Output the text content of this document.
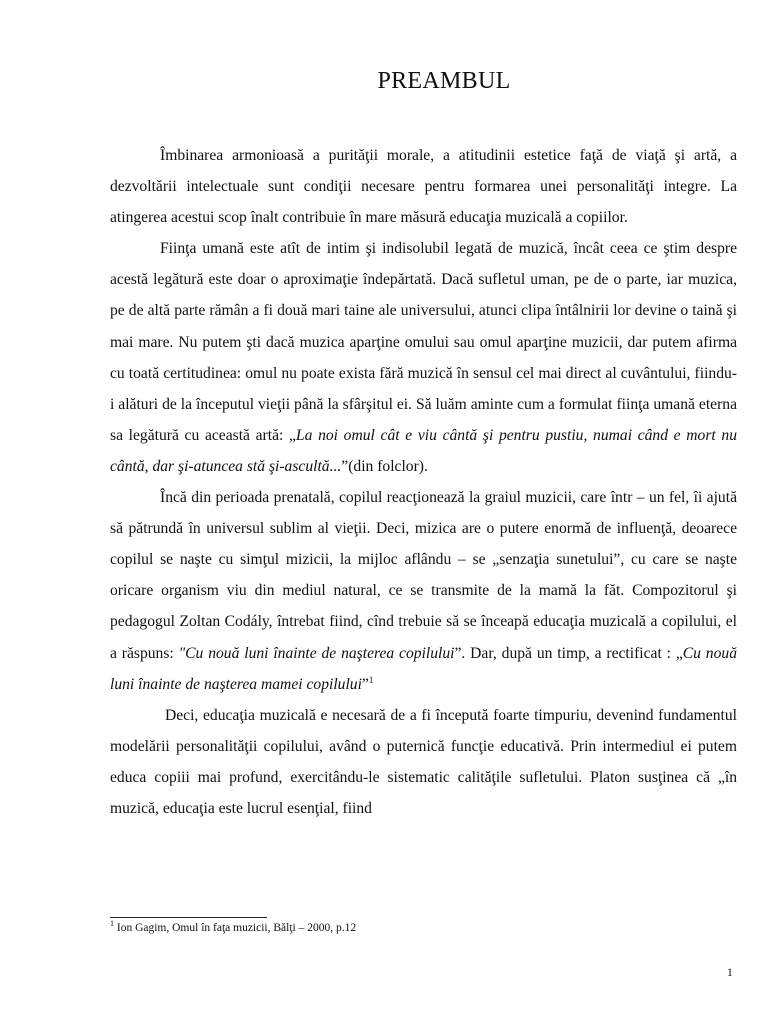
PREAMBUL

Îmbinarea armonioasă a purităţii morale, a atitudinii estetice faţă de viaţă şi artă, a dezvoltării intelectuale sunt condiţii necesare pentru formarea unei personalităţi integre. La atingerea acestui scop înalt contribuie în mare măsură educaţia muzicală a copiilor.

Fiinţa umană este atît de intim şi indisolubil legată de muzică, încât ceea ce ştim despre acestă legătură este doar o aproximaţie îndepărtată. Dacă sufletul uman, pe de o parte, iar muzica, pe de altă parte rămân a fi două mari taine ale universului, atunci clipa întâlnirii lor devine o taină şi mai mare. Nu putem şti dacă muzica aparţine omului sau omul aparţine muzicii, dar putem afirma cu toată certitudinea: omul nu poate exista fără muzică în sensul cel mai direct al cuvântului, fiindu-i alături de la începutul vieţii până la sfârşitul ei. Să luăm aminte cum a formulat fiinţa umană eterna sa legătură cu această artă: „La noi omul cât e viu cântă şi pentru pustiu, numai când e mort nu cântă, dar şi-atuncea stă şi-ascultă...”(din folclor).

Încă din perioada prenatală, copilul reacţionează la graiul muzicii, care într – un fel, îi ajută să pătrundă în universul sublim al vieţii. Deci, mizica are o putere enormă de influenţă, deoarece copilul se naşte cu simţul mizicii, la mijloc aflându – se „senzaţia sunetului”, cu care se naşte oricare organism viu din mediul natural, ce se transmite de la mamă la făt. Compozitorul şi pedagogul Zoltan Codály, întrebat fiind, cînd trebuie să se înceapă educaţia muzicală a copilului, el a răspuns: "Cu nouă luni înainte de naşterea copilului”. Dar, după un timp, a rectificat : „Cu nouă luni înainte de naşterea mamei copilului”$^1$

Deci, educaţia muzicală e necesară de a fi începută foarte timpuriu, devenind fundamentul modelării personalităţii copilului, având o puternică funcţie educativă. Prin intermediul ei putem educa copiii mai profund, exercitându-le sistematic calităţile sufletului. Platon susţinea că „în muzică, educaţia este lucrul esenţial, fiind

$^1$ Ion Gagim, Omul în faţa muzicii, Bălţi – 2000, p.12
1
